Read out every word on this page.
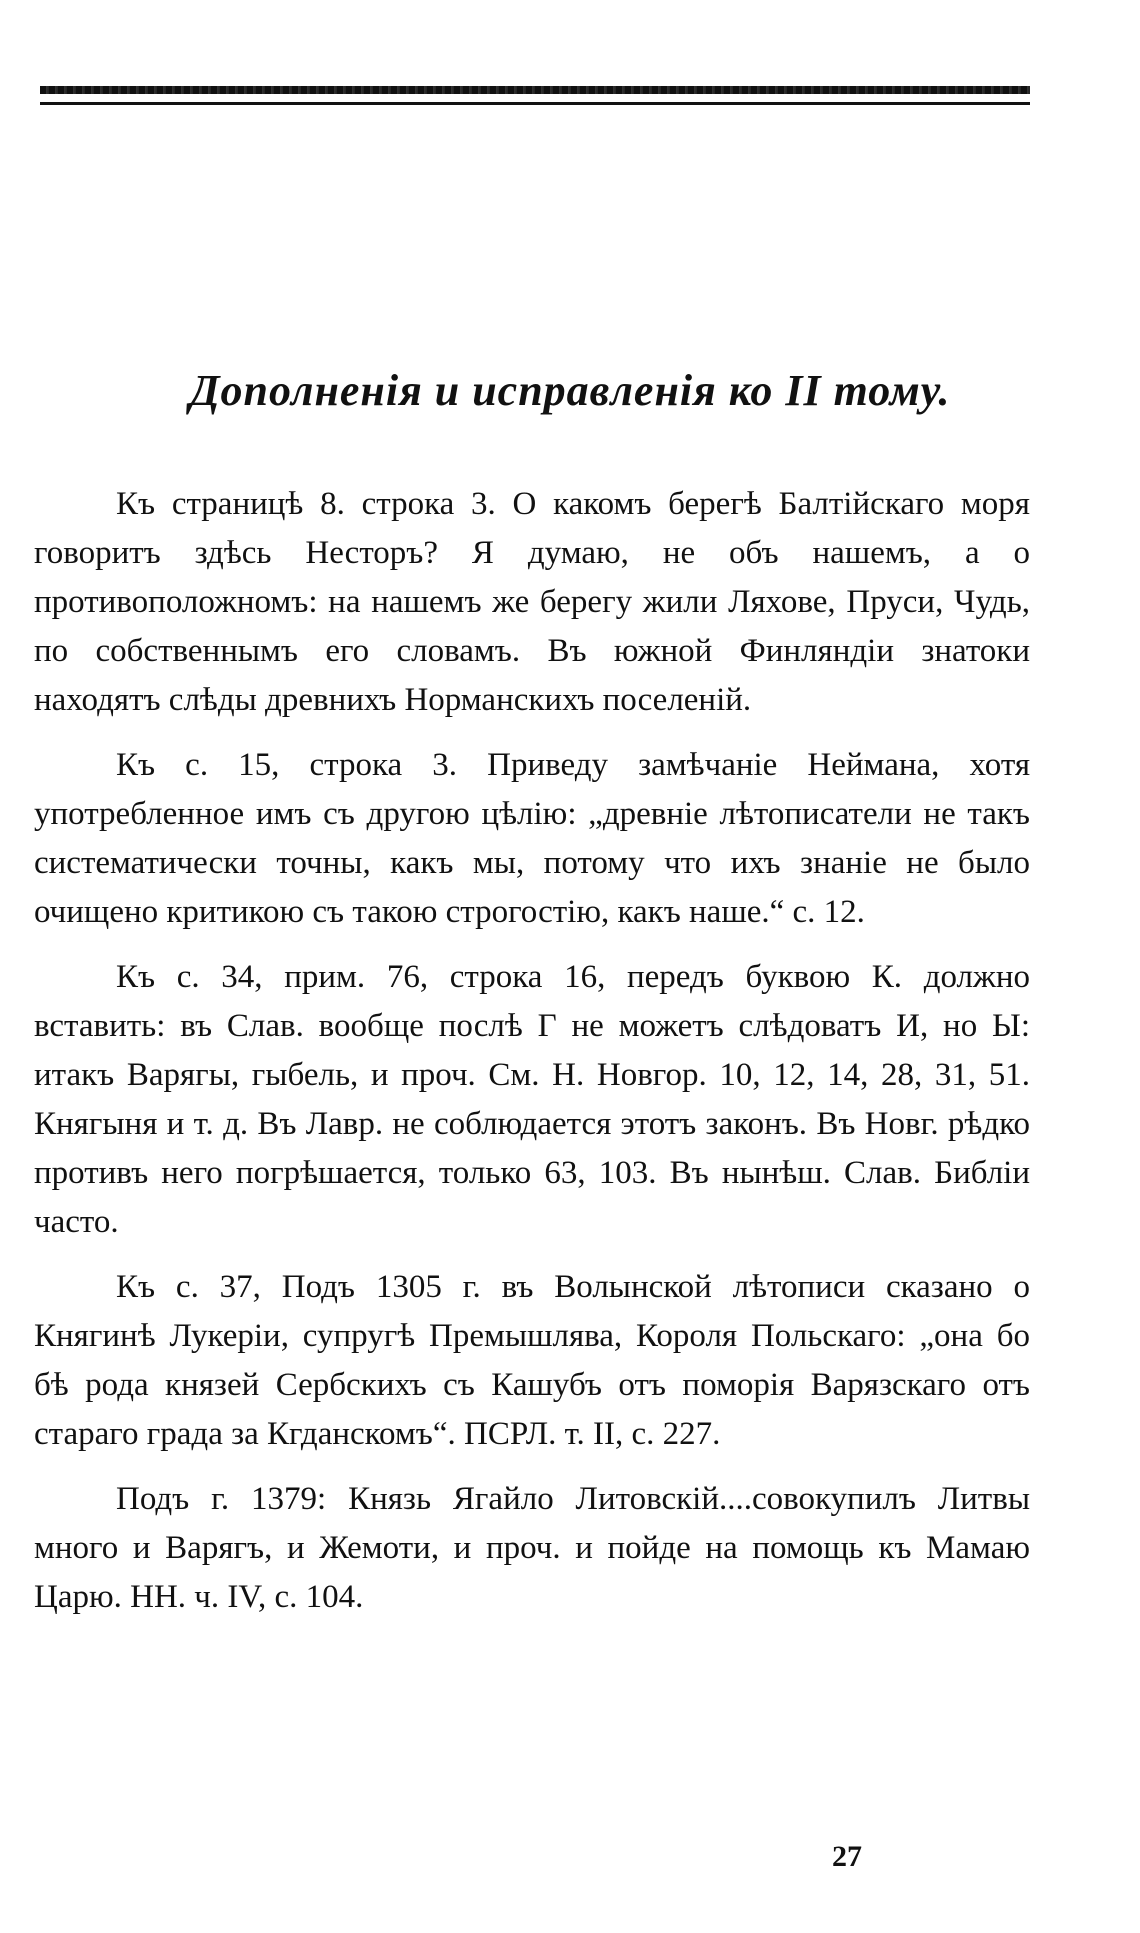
Дополненія и исправленія ко II тому.

Къ страницѣ 8. строка 3. О какомъ берегѣ Балтійскаго моря говоритъ здѣсь Несторъ? Я думаю, не объ нашемъ, а о противоположномъ: на нашемъ же берегу жили Ляхове, Пруси, Чудь, по собственнымъ его словамъ. Въ южной Финляндіи знатоки находятъ слѣды древнихъ Норманскихъ поселеній.

Къ с. 15, строка 3. Приведу замѣчаніе Неймана, хотя употребленное имъ съ другою цѣлію: „древніе лѣтописатели не такъ систематически точны, какъ мы, потому что ихъ знаніе не было очищено критикою съ такою строгостію, какъ наше.“ с. 12.

Къ с. 34, прим. 76, строка 16, передъ буквою К. должно вставить: въ Слав. вообще послѣ Г не можетъ слѣдоватъ И, но Ы: итакъ Варягы, гыбель, и проч. См. Н. Новгор. 10, 12, 14, 28, 31, 51. Княгыня и т. д. Въ Лавр. не соблюдается этотъ законъ. Въ Новг. рѣдко противъ него погрѣшается, только 63, 103. Въ нынѣш. Слав. Библіи часто.

Къ с. 37, Подъ 1305 г. въ Волынской лѣтописи сказано о Княгинѣ Лукеріи, супругѣ Премышлява, Короля Польскаго: „она бо бѣ рода князей Сербскихъ съ Кашубъ отъ поморія Варязскаго отъ стараго града за Кгданскомъ“. ПСРЛ. т. II, с. 227.

Подъ г. 1379: Князь Ягайло Литовскій....совокупилъ Литвы много и Варягъ, и Жемоти, и проч. и пойде на помощь къ Мамаю Царю. НН. ч. IV, с. 104.

27
